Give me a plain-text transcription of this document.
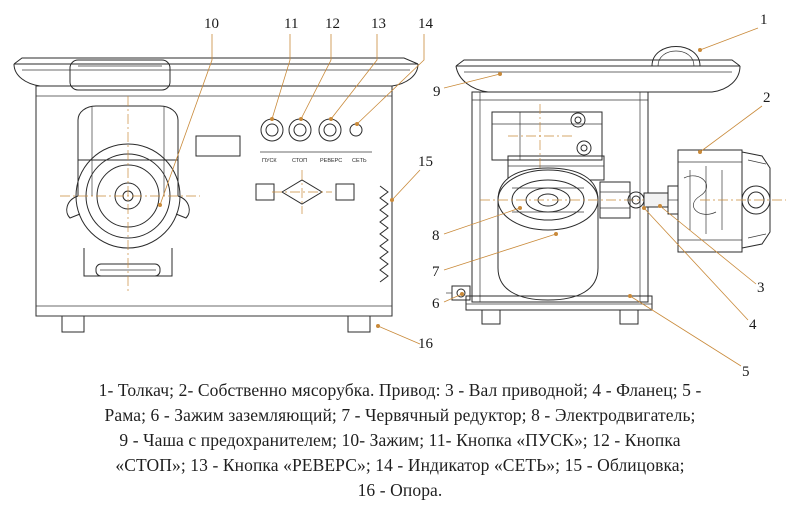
ПУСК	СТОП РЕВЕРС СЕТЬ
10	11 12 13 14
15
16
9
8
7
6
1
2
3
4
5

1- Толкач; 2- Собственно мясорубка. Привод: 3 - Вал приводной; 4 - Фланец; 5 -

Рама; 6 - Зажим заземляющий; 7 - Червячный редуктор; 8 - Электродвигатель;

9 - Чаша с предохранителем; 10- Зажим; 11- Кнопка «ПУСК»; 12 - Кнопка

«СТОП»; 13 - Кнопка «РЕВЕРС»; 14 - Индикатор «СЕТЬ»; 15 - Облицовка;

16 - Опора.
